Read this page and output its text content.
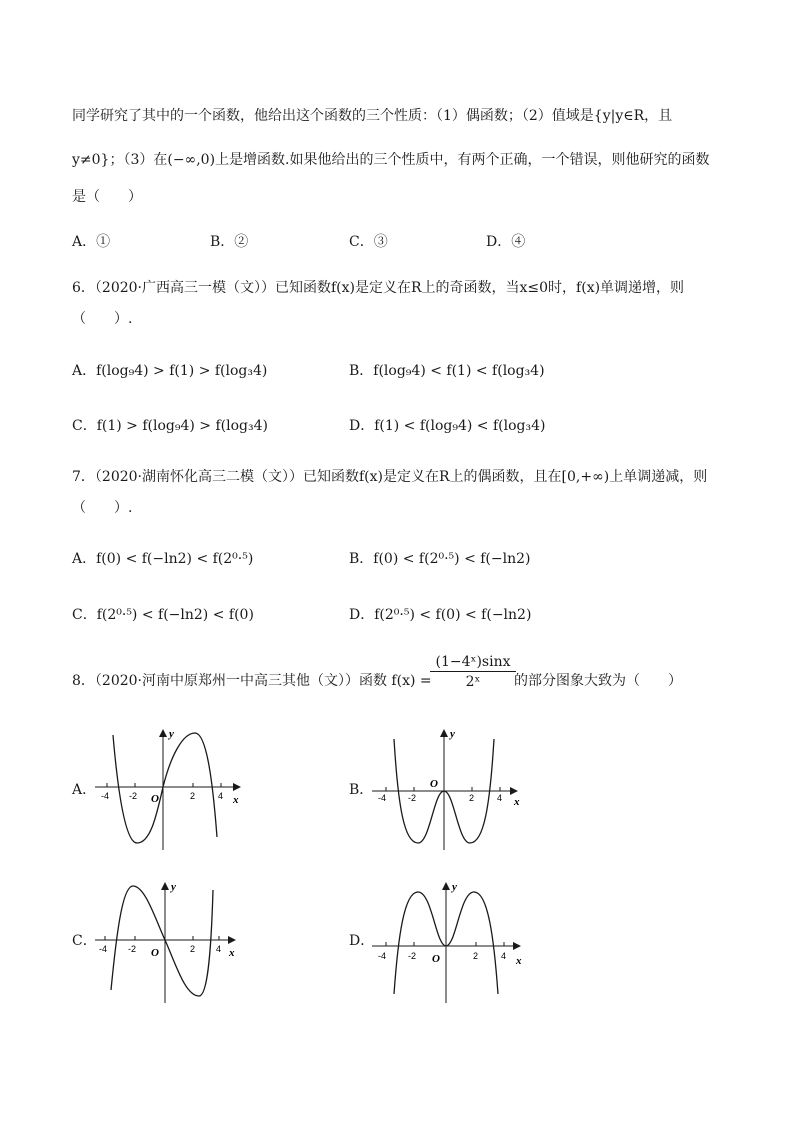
同学研究了其中的一个函数，他给出这个函数的三个性质：（1）偶函数；（2）值域是{y|y∈R，且
y≠0}；（3）在(−∞,0)上是增函数.如果他给出的三个性质中，有两个正确，一个错误，则他研究的函数
是（　　）
A．①	B．②	C．③	D．④
6．（2020·广西高三一模（文））已知函数f(x)是定义在R上的奇函数，当x≤0时，f(x)单调递增，则
（　　）.
A．f(log₉4) > f(1) > f(log₃4)	B．f(log₉4) < f(1) < f(log₃4)
C．f(1) > f(log₉4) > f(log₃4)	D．f(1) < f(log₉4) < f(log₃4)
7．（2020·湖南怀化高三二模（文））已知函数f(x)是定义在R上的偶函数，且在[0,+∞)上单调递减，则
（　　）.
A．f(0) < f(−ln2) < f(2⁰·⁵)	B．f(0) < f(2⁰·⁵) < f(−ln2)
C．f(2⁰·⁵) < f(−ln2) < f(0)	D．f(2⁰·⁵) < f(0) < f(−ln2)
8．（2020·河南中原郑州一中高三其他（文））函数 f(x) =
(1−4ˣ)sinx
2ˣ	的部分图象大致为（　　）
A．	B．
C．	D．
-4 -2	2	4
O
y
x	-4 -2	2	4
O
y
x
-4 -2	2 4
O
y
x	-4 -2	2	4
O
y
x
